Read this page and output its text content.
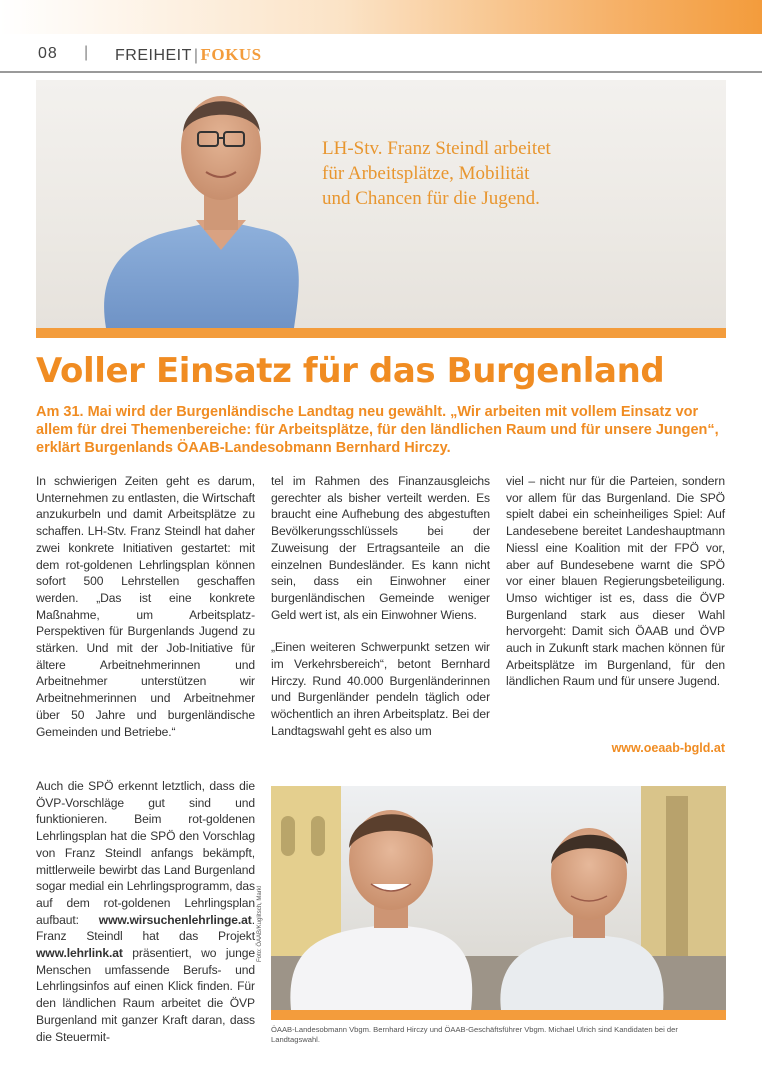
08 | FREIHEIT | FOKUS
LH-Stv. Franz Steindl arbeitet
für Arbeitsplätze, Mobilität
und Chancen für die Jugend.
Voller Einsatz für das Burgenland
Am 31. Mai wird der Burgenländische Landtag neu gewählt. „Wir arbeiten mit vollem Einsatz vor allem für drei Themenbereiche: für Arbeitsplätze, für den ländlichen Raum und für unsere Jungen“, erklärt Burgenlands ÖAAB-Landesobmann Bernhard Hirczy.

In schwierigen Zeiten geht es darum, Unternehmen zu entlasten, die Wirtschaft anzukurbeln und damit Arbeitsplätze zu schaffen. LH-Stv. Franz Steindl hat daher zwei konkrete Initiativen gestartet: mit dem rot-goldenen Lehrlingsplan können sofort 500 Lehrstellen geschaffen werden. „Das ist eine konkrete Maßnahme, um Arbeitsplatz-Perspektiven für Burgenlands Jugend zu stärken. Und mit der Job-Initiative für ältere Arbeitnehmerinnen und Arbeitnehmer unterstützen wir Arbeitnehmerinnen und Arbeitnehmer über 50 Jahre und burgenländische Gemeinden und Betriebe.“

tel im Rahmen des Finanzausgleichs gerechter als bisher verteilt werden. Es braucht eine Aufhebung des abgestuften Bevölkerungsschlüssels bei der Zuweisung der Ertragsanteile an die einzelnen Bundesländer. Es kann nicht sein, dass ein Einwohner einer burgenländischen Gemeinde weniger Geld wert ist, als ein Einwohner Wiens.

„Einen weiteren Schwerpunkt setzen wir im Verkehrsbereich“, betont Bernhard Hirczy. Rund 40.000 Burgenländerinnen und Burgenländer pendeln täglich oder wöchentlich an ihren Arbeitsplatz. Bei der Landtagswahl geht es also um

viel – nicht nur für die Parteien, sondern vor allem für das Burgenland. Die SPÖ spielt dabei ein scheinheiliges Spiel: Auf Landesebene bereitet Landeshauptmann Niessl eine Koalition mit der FPÖ vor, aber auf Bundesebene warnt die SPÖ vor einer blauen Regierungsbeteiligung. Umso wichtiger ist es, dass die ÖVP Burgenland stark aus dieser Wahl hervorgeht: Damit sich ÖAAB und ÖVP auch in Zukunft stark machen können für Arbeitsplätze im Burgenland, für den ländlichen Raum und für unsere Jugend.

www.oeaab-bgld.at

Auch die SPÖ erkennt letztlich, dass die ÖVP-Vorschläge gut sind und funktionieren. Beim rot-goldenen Lehrlingsplan hat die SPÖ den Vorschlag von Franz Steindl anfangs bekämpft, mittlerweile bewirbt das Land Burgenland sogar medial ein Lehrlingsprogramm, das auf dem rot-goldenen Lehrlingsplan aufbaut: www.wirsuchenlehrlinge.at. Franz Steindl hat das Projekt www.lehrlink.at präsentiert, wo junge Menschen umfassende Berufs- und Lehrlingsinfos auf einen Klick finden. Für den ländlichen Raum arbeitet die ÖVP Burgenland mit ganzer Kraft daran, dass die Steuermit-

Foto: ÖAAB/Kuglitsch, Markl
ÖAAB-Landesobmann Vbgm. Bernhard Hirczy und ÖAAB-Geschäftsführer Vbgm. Michael Ulrich sind Kandidaten bei der Landtagswahl.
